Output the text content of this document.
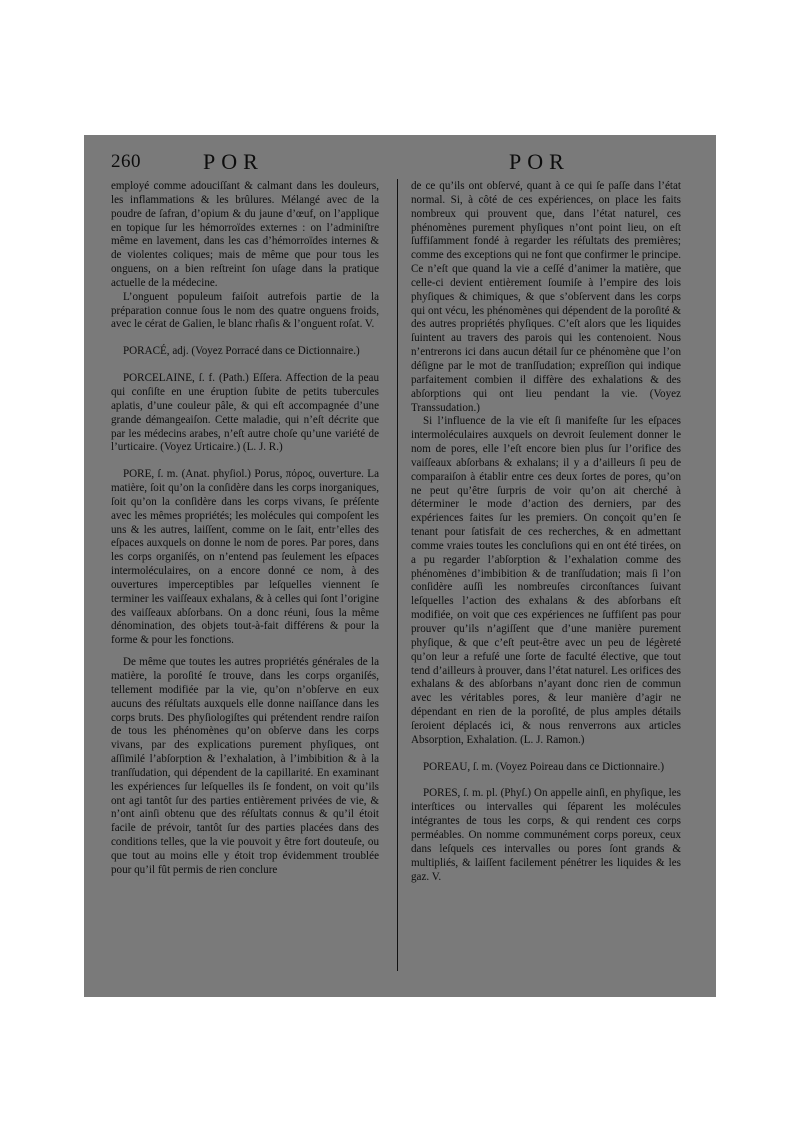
260	POR	POR

employé comme adouciſſant & calmant dans les douleurs, les inflammations & les brûlures. Mélangé avec de la poudre de ſafran, d’opium & du jaune d’œuf, on l’applique en topique ſur les hémorroïdes externes : on l’adminiſtre même en lavement, dans les cas d’hémorroïdes internes & de violentes coliques; mais de même que pour tous les onguens, on a bien reſtreint ſon uſage dans la pratique actuelle de la médecine.

L’onguent populeum faiſoit autrefois partie de la préparation connue ſous le nom des quatre onguens froids, avec le cérat de Galien, le blanc rhaſis & l’onguent roſat. V.

PORACÉ, adj. (Voyez Porracé dans ce Dictionnaire.)

PORCELAINE, ſ. f. (Path.) Eſſera. Affection de la peau qui conſiſte en une éruption ſubite de petits tubercules aplatis, d’une couleur pâle, & qui eſt accompagnée d’une grande démangeaiſon. Cette maladie, qui n’eſt décrite que par les médecins arabes, n’eſt autre choſe qu’une variété de l’urticaire. (Voyez Urticaire.) (L. J. R.)

PORE, ſ. m. (Anat. phyſiol.) Porus, πόρος, ouverture. La matière, ſoit qu’on la conſidère dans les corps inorganiques, ſoit qu’on la conſidère dans les corps vivans, ſe préſente avec les mêmes propriétés; les molécules qui compoſent les uns & les autres, laiſſent, comme on le ſait, entr’elles des eſpaces auxquels on donne le nom de pores. Par pores, dans les corps organiſés, on n’entend pas ſeulement les eſpaces intermoléculaires, on a encore donné ce nom, à des ouvertures imperceptibles par leſquelles viennent ſe terminer les vaiſſeaux exhalans, & à celles qui ſont l’origine des vaiſſeaux abſorbans. On a donc réuni, ſous la même dénomination, des objets tout-à-fait différens & pour la forme & pour les fonctions.

De même que toutes les autres propriétés générales de la matière, la poroſité ſe trouve, dans les corps organiſés, tellement modifiée par la vie, qu’on n’obſerve en eux aucuns des réſultats auxquels elle donne naiſſance dans les corps bruts. Des phyſiologiſtes qui prétendent rendre raiſon de tous les phénomènes qu’on obſerve dans les corps vivans, par des explications purement phyſiques, ont aſſimilé l’abſorption & l’exhalation, à l’imbibition & à la tranſſudation, qui dépendent de la capillarité. En examinant les expériences ſur leſquelles ils ſe fondent, on voit qu’ils ont agi tantôt ſur des parties entièrement privées de vie, & n’ont ainſi obtenu que des réſultats connus & qu’il étoit facile de prévoir, tantôt ſur des parties placées dans des conditions telles, que la vie pouvoit y être fort douteuſe, ou que tout au moins elle y étoit trop évidemment troublée pour qu’il fût permis de rien conclure

de ce qu’ils ont obſervé, quant à ce qui ſe paſſe dans l’état normal. Si, à côté de ces expériences, on place les faits nombreux qui prouvent que, dans l’état naturel, ces phénomènes purement phyſiques n’ont point lieu, on eſt ſuffiſamment fondé à regarder les réſultats des premières; comme des exceptions qui ne font que confirmer le principe. Ce n’eſt que quand la vie a ceſſé d’animer la matière, que celle-ci devient entièrement ſoumiſe à l’empire des lois phyſiques & chimiques, & que s’obſervent dans les corps qui ont vécu, les phénomènes qui dépendent de la poroſité & des autres propriétés phyſiques. C’eſt alors que les liquides ſuintent au travers des parois qui les contenoient. Nous n’entrerons ici dans aucun détail ſur ce phénomène que l’on déſigne par le mot de tranſſudation; expreſſion qui indique parfaitement combien il diffère des exhalations & des abſorptions qui ont lieu pendant la vie. (Voyez Transsudation.)

Si l’influence de la vie eſt ſi manifeſte ſur les eſpaces intermoléculaires auxquels on devroit ſeulement donner le nom de pores, elle l’eſt encore bien plus ſur l’orifice des vaiſſeaux abſorbans & exhalans; il y a d’ailleurs ſi peu de comparaiſon à établir entre ces deux ſortes de pores, qu’on ne peut qu’être ſurpris de voir qu’on ait cherché à déterminer le mode d’action des derniers, par des expériences faites ſur les premiers. On conçoit qu’en ſe tenant pour ſatisfait de ces recherches, & en admettant comme vraies toutes les concluſions qui en ont été tirées, on a pu regarder l’abſorption & l’exhalation comme des phénomènes d’imbibition & de tranſſudation; mais ſi l’on conſidère auſſi les nombreuſes circonſtances ſuivant leſquelles l’action des exhalans & des abſorbans eſt modifiée, on voit que ces expériences ne ſuffiſent pas pour prouver qu’ils n’agiſſent que d’une manière purement phyſique, & que c’eſt peut-être avec un peu de légèreté qu’on leur a refuſé une ſorte de faculté élective, que tout tend d’ailleurs à prouver, dans l’état naturel. Les orifices des exhalans & des abſorbans n’ayant donc rien de commun avec les véritables pores, & leur manière d’agir ne dépendant en rien de la poroſité, de plus amples détails ſeroient déplacés ici, & nous renverrons aux articles Absorption, Exhalation. (L. J. Ramon.)

POREAU, ſ. m. (Voyez Poireau dans ce Dictionnaire.)

PORES, ſ. m. pl. (Phyſ.) On appelle ainſi, en phyſique, les interſtices ou intervalles qui ſéparent les molécules intégrantes de tous les corps, & qui rendent ces corps perméables. On nomme communément corps poreux, ceux dans leſquels ces intervalles ou pores ſont grands & multipliés, & laiſſent facilement pénétrer les liquides & les gaz. V.
